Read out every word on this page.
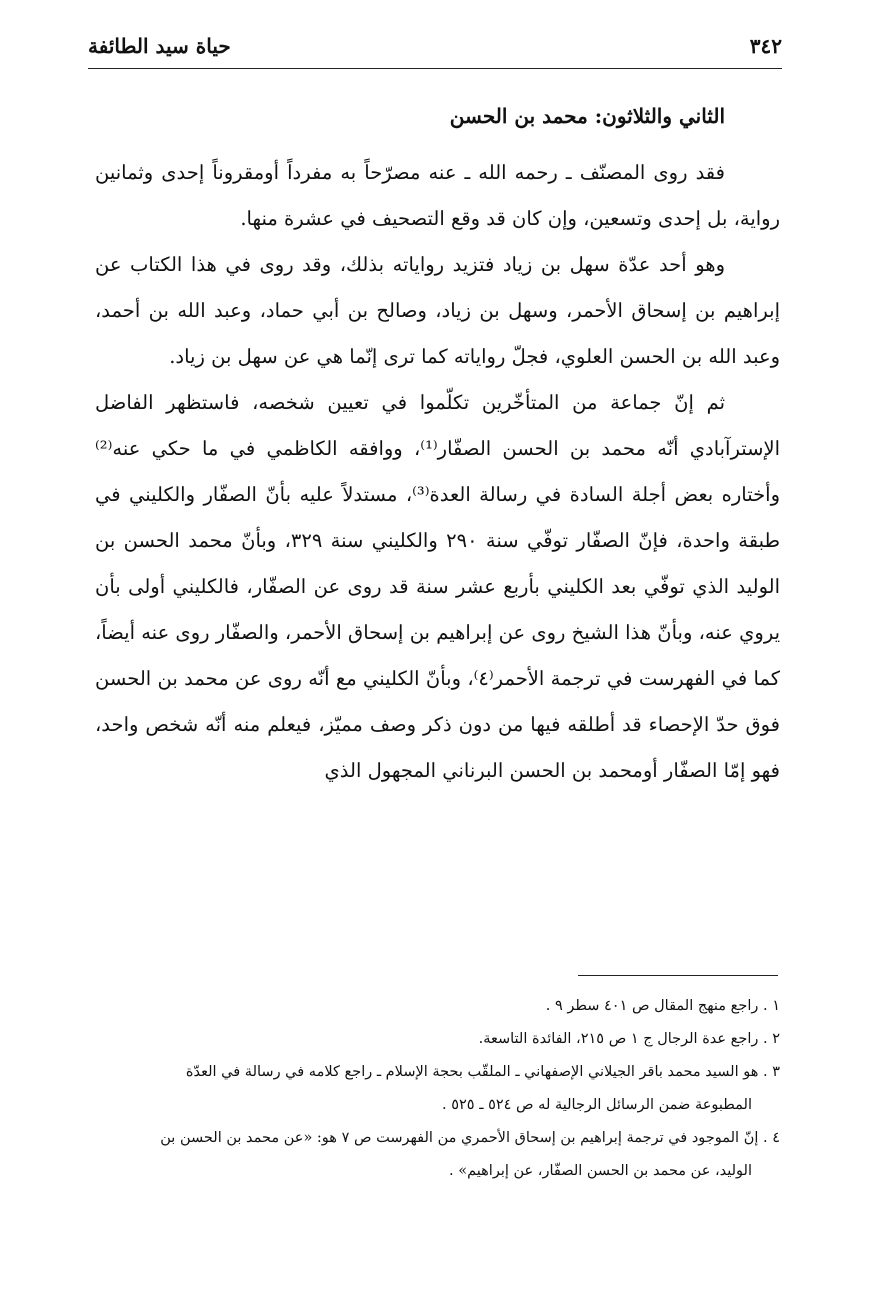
٣٤٢
حياة سيد الطائفة
الثاني والثلاثون: محمد بن الحسن

فقد روى المصنّف ـ رحمه الله ـ عنه مصرّحاً به مفرداً أومقروناً إحدى وثمانين رواية، بل إحدى وتسعين، وإن كان قد وقع التصحيف في عشرة منها.

وهو أحد عدّة سهل بن زياد فتزيد رواياته بذلك، وقد روى في هذا الكتاب عن إبراهيم بن إسحاق الأحمر، وسهل بن زياد، وصالح بن أبي حماد، وعبد الله بن أحمد، وعبد الله بن الحسن العلوي، فجلّ رواياته كما ترى إنّما هي عن سهل بن زياد.

ثم إنّ جماعة من المتأخّرين تكلّموا في تعيين شخصه، فاستظهر الفاضل الإسترآبادي أنّه محمد بن الحسن الصفّار⁽¹⁾، ووافقه الكاظمي في ما حكي عنه⁽²⁾ وأختاره بعض أجلة السادة في رسالة العدة⁽³⁾، مستدلاً عليه بأنّ الصفّار والكليني في طبقة واحدة، فإنّ الصفّار توفّي سنة ٢٩٠ والكليني سنة ٣٢٩، وبأنّ محمد الحسن بن الوليد الذي توفّي بعد الكليني بأربع عشر سنة قد روى عن الصفّار، فالكليني أولى بأن يروي عنه، وبأنّ هذا الشيخ روى عن إبراهيم بن إسحاق الأحمر، والصفّار روى عنه أيضاً، كما في الفهرست في ترجمة الأحمر⁽٤⁾، وبأنّ الكليني مع أنّه روى عن محمد بن الحسن فوق حدّ الإحصاء قد أطلقه فيها من دون ذكر وصف مميّز، فيعلم منه أنّه شخص واحد، فهو إمّا الصفّار أومحمد بن الحسن البرناني المجهول الذي

١ . راجع منهج المقال ص ٤٠١ سطر ٩ .

٢ . راجع عدة الرجال ج ١ ص ٢١٥، الفائدة التاسعة.

٣ . هو السيد محمد باقر الجيلاني الإصفهاني ـ الملقّب بحجة الإسلام ـ راجع كلامه في رسالة في العدّة

المطبوعة ضمن الرسائل الرجالية له ص ٥٢٤ ـ ٥٢٥ .

٤ . إنّ الموجود في ترجمة إبراهيم بن إسحاق الأحمري من الفهرست ص ٧ هو: «عن محمد بن الحسن بن

الوليد، عن محمد بن الحسن الصفّار، عن إبراهيم» .
